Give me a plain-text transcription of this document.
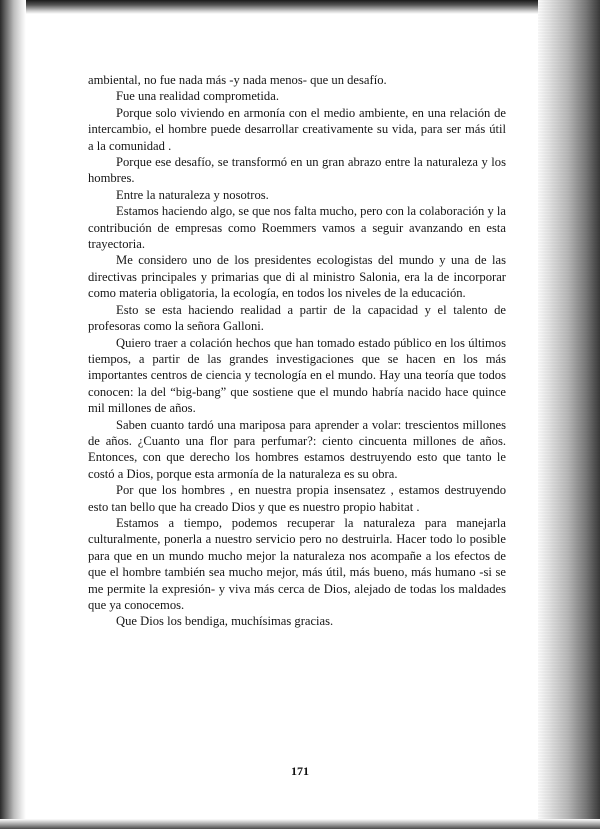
ambiental, no fue nada más -y nada menos- que un desafío.

Fue una realidad comprometida.

Porque solo viviendo en armonía con el medio ambiente, en una relación de intercambio, el hombre puede desarrollar creativamente su vida, para ser más útil a la comunidad .

Porque ese desafío, se transformó en un gran abrazo entre la naturaleza y los hombres.

Entre la naturaleza y nosotros.

Estamos haciendo algo, se que nos falta mucho, pero con la colaboración y la contribución de empresas como Roemmers vamos a seguir avanzando en esta trayectoria.

Me considero uno de los presidentes ecologistas del mundo y una de las directivas principales y primarias que di al ministro Salonia, era la de incorporar como materia obligatoria, la ecología, en todos los niveles de la educación.

Esto se esta haciendo realidad a partir de la capacidad y el talento de profesoras como la señora Galloni.

Quiero traer a colación hechos que han tomado estado público en los últimos tiempos, a partir de las grandes investigaciones que se hacen en los más importantes centros de ciencia y tecnología en el mundo. Hay una teoría que todos conocen: la del “big-bang” que sostiene que el mundo habría nacido hace quince mil millones de años.

Saben cuanto tardó una mariposa para aprender a volar: trescientos millones de años. ¿Cuanto una flor para perfumar?: ciento cincuenta millones de años. Entonces, con que derecho los hombres estamos destruyendo esto que tanto le costó a Dios, porque esta armonía de la naturaleza es su obra.

Por que los hombres , en nuestra propia insensatez , estamos destruyendo esto tan bello que ha creado Dios y que es nuestro propio habitat .

Estamos a tiempo, podemos recuperar la naturaleza para manejarla culturalmente, ponerla a nuestro servicio pero no destruirla. Hacer todo lo posible para que en un mundo mucho mejor la naturaleza nos acompañe a los efectos de que el hombre también sea mucho mejor, más útil, más bueno, más humano -si se me permite la expresión- y viva más cerca de Dios, alejado de todas los maldades que ya conocemos.

Que Dios los bendiga, muchísimas gracias.

171
